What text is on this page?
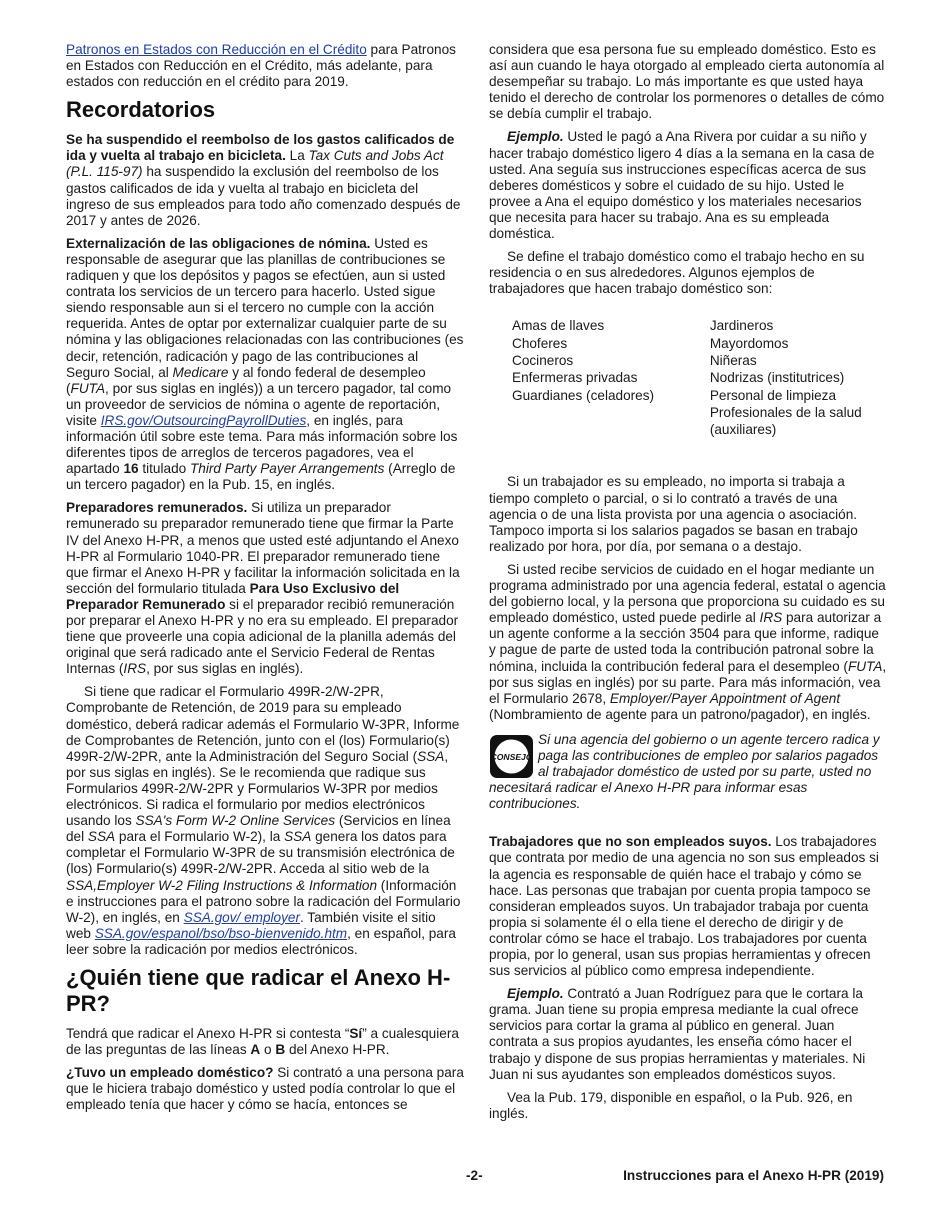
Patronos en Estados con Reducción en el Crédito para Patronos en Estados con Reducción en el Crédito, más adelante, para estados con reducción en el crédito para 2019.

Recordatorios

Se ha suspendido el reembolso de los gastos calificados de ida y vuelta al trabajo en bicicleta. La Tax Cuts and Jobs Act (P.L. 115-97) ha suspendido la exclusión del reembolso de los gastos calificados de ida y vuelta al trabajo en bicicleta del ingreso de sus empleados para todo año comenzado después de 2017 y antes de 2026.

Externalización de las obligaciones de nómina. Usted es responsable de asegurar que las planillas de contribuciones se radiquen y que los depósitos y pagos se efectúen, aun si usted contrata los servicios de un tercero para hacerlo. Usted sigue siendo responsable aun si el tercero no cumple con la acción requerida. Antes de optar por externalizar cualquier parte de su nómina y las obligaciones relacionadas con las contribuciones (es decir, retención, radicación y pago de las contribuciones al Seguro Social, al Medicare y al fondo federal de desempleo (FUTA, por sus siglas en inglés)) a un tercero pagador, tal como un proveedor de servicios de nómina o agente de reportación, visite IRS.gov/OutsourcingPayrollDuties, en inglés, para información útil sobre este tema. Para más información sobre los diferentes tipos de arreglos de terceros pagadores, vea el apartado 16 titulado Third Party Payer Arrangements (Arreglo de un tercero pagador) en la Pub. 15, en inglés.

Preparadores remunerados. Si utiliza un preparador remunerado su preparador remunerado tiene que firmar la Parte IV del Anexo H-PR, a menos que usted esté adjuntando el Anexo H-PR al Formulario 1040-PR. El preparador remunerado tiene que firmar el Anexo H-PR y facilitar la información solicitada en la sección del formulario titulada Para Uso Exclusivo del Preparador Remunerado si el preparador recibió remuneración por preparar el Anexo H-PR y no era su empleado. El preparador tiene que proveerle una copia adicional de la planilla además del original que será radicado ante el Servicio Federal de Rentas Internas (IRS, por sus siglas en inglés).

Si tiene que radicar el Formulario 499R-2/W-2PR, Comprobante de Retención, de 2019 para su empleado doméstico, deberá radicar además el Formulario W-3PR, Informe de Comprobantes de Retención, junto con el (los) Formulario(s) 499R-2/W-2PR, ante la Administración del Seguro Social (SSA, por sus siglas en inglés). Se le recomienda que radique sus Formularios 499R-2/W-2PR y Formularios W-3PR por medios electrónicos. Si radica el formulario por medios electrónicos usando los SSA's Form W-2 Online Services (Servicios en línea del SSA para el Formulario W-2), la SSA genera los datos para completar el Formulario W-3PR de su transmisión electrónica de (los) Formulario(s) 499R-2/W-2PR. Acceda al sitio web de la SSA,Employer W-2 Filing Instructions & Information (Información e instrucciones para el patrono sobre la radicación del Formulario W-2), en inglés, en SSA.gov/ employer. También visite el sitio web SSA.gov/espanol/bso/bso-bienvenido.htm, en español, para leer sobre la radicación por medios electrónicos.

¿Quién tiene que radicar el Anexo H-PR?

Tendrá que radicar el Anexo H-PR si contesta “Sí” a cualesquiera de las preguntas de las líneas A o B del Anexo H-PR.

¿Tuvo un empleado doméstico? Si contrató a una persona para que le hiciera trabajo doméstico y usted podía controlar lo que el empleado tenía que hacer y cómo se hacía, entonces se

considera que esa persona fue su empleado doméstico. Esto es así aun cuando le haya otorgado al empleado cierta autonomía al desempeñar su trabajo. Lo más importante es que usted haya tenido el derecho de controlar los pormenores o detalles de cómo se debía cumplir el trabajo.

Ejemplo. Usted le pagó a Ana Rivera por cuidar a su niño y hacer trabajo doméstico ligero 4 días a la semana en la casa de usted. Ana seguía sus instrucciones específicas acerca de sus deberes domésticos y sobre el cuidado de su hijo. Usted le provee a Ana el equipo doméstico y los materiales necesarios que necesita para hacer su trabajo. Ana es su empleada doméstica.

Se define el trabajo doméstico como el trabajo hecho en su residencia o en sus alrededores. Algunos ejemplos de trabajadores que hacen trabajo doméstico son:

Amas de llaves
Choferes
Cocineros
Enfermeras privadas
Guardianes (celadores)
Jardineros
Mayordomos
Niñeras
Nodrizas (institutrices)
Personal de limpieza
Profesionales de la salud
(auxiliares)

Si un trabajador es su empleado, no importa si trabaja a tiempo completo o parcial, o si lo contrató a través de una agencia o de una lista provista por una agencia o asociación. Tampoco importa si los salarios pagados se basan en trabajo realizado por hora, por día, por semana o a destajo.

Si usted recibe servicios de cuidado en el hogar mediante un programa administrado por una agencia federal, estatal o agencia del gobierno local, y la persona que proporciona su cuidado es su empleado doméstico, usted puede pedirle al IRS para autorizar a un agente conforme a la sección 3504 para que informe, radique y pague de parte de usted toda la contribución patronal sobre la nómina, incluida la contribución federal para el desempleo (FUTA, por sus siglas en inglés) por su parte. Para más información, vea el Formulario 2678, Employer/Payer Appointment of Agent (Nombramiento de agente para un patrono/pagador), en inglés.

CONSEJO
Si una agencia del gobierno o un agente tercero radica y
paga las contribuciones de empleo por salarios pagados
al trabajador doméstico de usted por su parte, usted no
necesitará radicar el Anexo H-PR para informar esas contribuciones.

Trabajadores que no son empleados suyos. Los trabajadores que contrata por medio de una agencia no son sus empleados si la agencia es responsable de quién hace el trabajo y cómo se hace. Las personas que trabajan por cuenta propia tampoco se consideran empleados suyos. Un trabajador trabaja por cuenta propia si solamente él o ella tiene el derecho de dirigir y de controlar cómo se hace el trabajo. Los trabajadores por cuenta propia, por lo general, usan sus propias herramientas y ofrecen sus servicios al público como empresa independiente.

Ejemplo. Contrató a Juan Rodríguez para que le cortara la grama. Juan tiene su propia empresa mediante la cual ofrece servicios para cortar la grama al público en general. Juan contrata a sus propios ayudantes, les enseña cómo hacer el trabajo y dispone de sus propias herramientas y materiales. Ni Juan ni sus ayudantes son empleados domésticos suyos.

Vea la Pub. 179, disponible en español, o la Pub. 926, en inglés.

-2-	Instrucciones para el Anexo H-PR (2019)
